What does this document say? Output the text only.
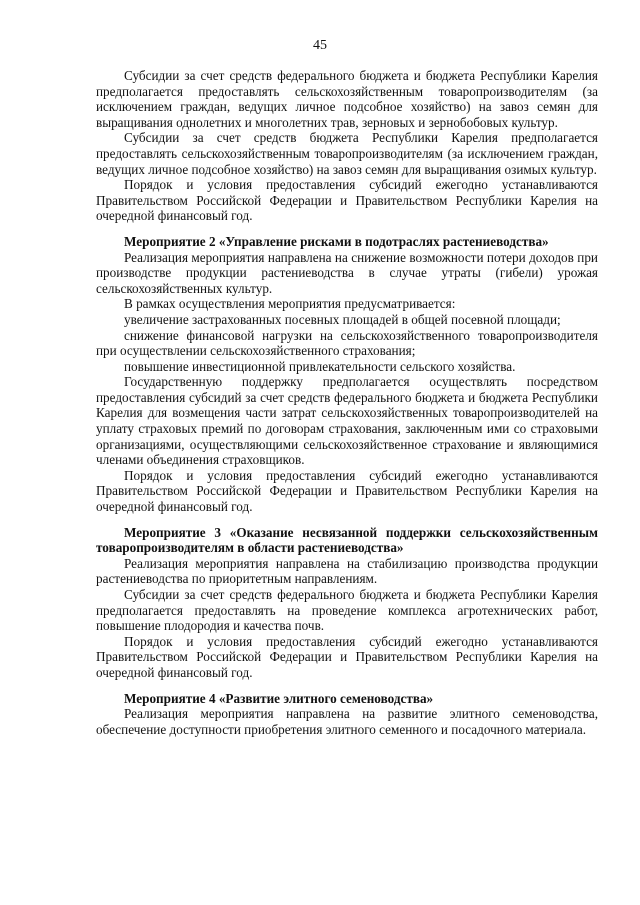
45

Субсидии за счет средств федерального бюджета и бюджета Республики Карелия предполагается предоставлять сельскохозяйственным товаропроизводителям (за исключением граждан, ведущих личное подсобное хозяйство) на завоз семян для выращивания однолетних и многолетних трав, зерновых и зернобобовых культур.

Субсидии за счет средств бюджета Республики Карелия предполагается предоставлять сельскохозяйственным товаропроизводителям (за исключением граждан, ведущих личное подсобное хозяйство) на завоз семян для выращивания озимых культур.

Порядок и условия предоставления субсидий ежегодно устанавливаются Правительством Российской Федерации и Правительством Республики Карелия на очередной финансовый год.

Мероприятие 2 «Управление рисками в подотраслях растениеводства»

Реализация мероприятия направлена на снижение возможности потери доходов при производстве продукции растениеводства в случае утраты (гибели) урожая сельскохозяйственных культур.

В рамках осуществления мероприятия предусматривается:

увеличение застрахованных посевных площадей в общей посевной площади;

снижение финансовой нагрузки на сельскохозяйственного товаропроизводителя при осуществлении сельскохозяйственного страхования;

повышение инвестиционной привлекательности сельского хозяйства.

Государственную поддержку предполагается осуществлять посредством предоставления субсидий за счет средств федерального бюджета и бюджета Республики Карелия для возмещения части затрат сельскохозяйственных товаропроизводителей на уплату страховых премий по договорам страхования, заключенным ими со страховыми организациями, осуществляющими сельскохозяйственное страхование и являющимися членами объединения страховщиков.

Порядок и условия предоставления субсидий ежегодно устанавливаются Правительством Российской Федерации и Правительством Республики Карелия на очередной финансовый год.

Мероприятие 3 «Оказание несвязанной поддержки сельскохозяйственным товаропроизводителям в области растениеводства»

Реализация мероприятия направлена на стабилизацию производства продукции растениеводства по приоритетным направлениям.

Субсидии за счет средств федерального бюджета и бюджета Республики Карелия предполагается предоставлять на проведение комплекса агротехнических работ, повышение плодородия и качества почв.

Порядок и условия предоставления субсидий ежегодно устанавливаются Правительством Российской Федерации и Правительством Республики Карелия на очередной финансовый год.

Мероприятие 4 «Развитие элитного семеноводства»

Реализация мероприятия направлена на развитие элитного семеноводства, обеспечение доступности приобретения элитного семенного и посадочного материала.
